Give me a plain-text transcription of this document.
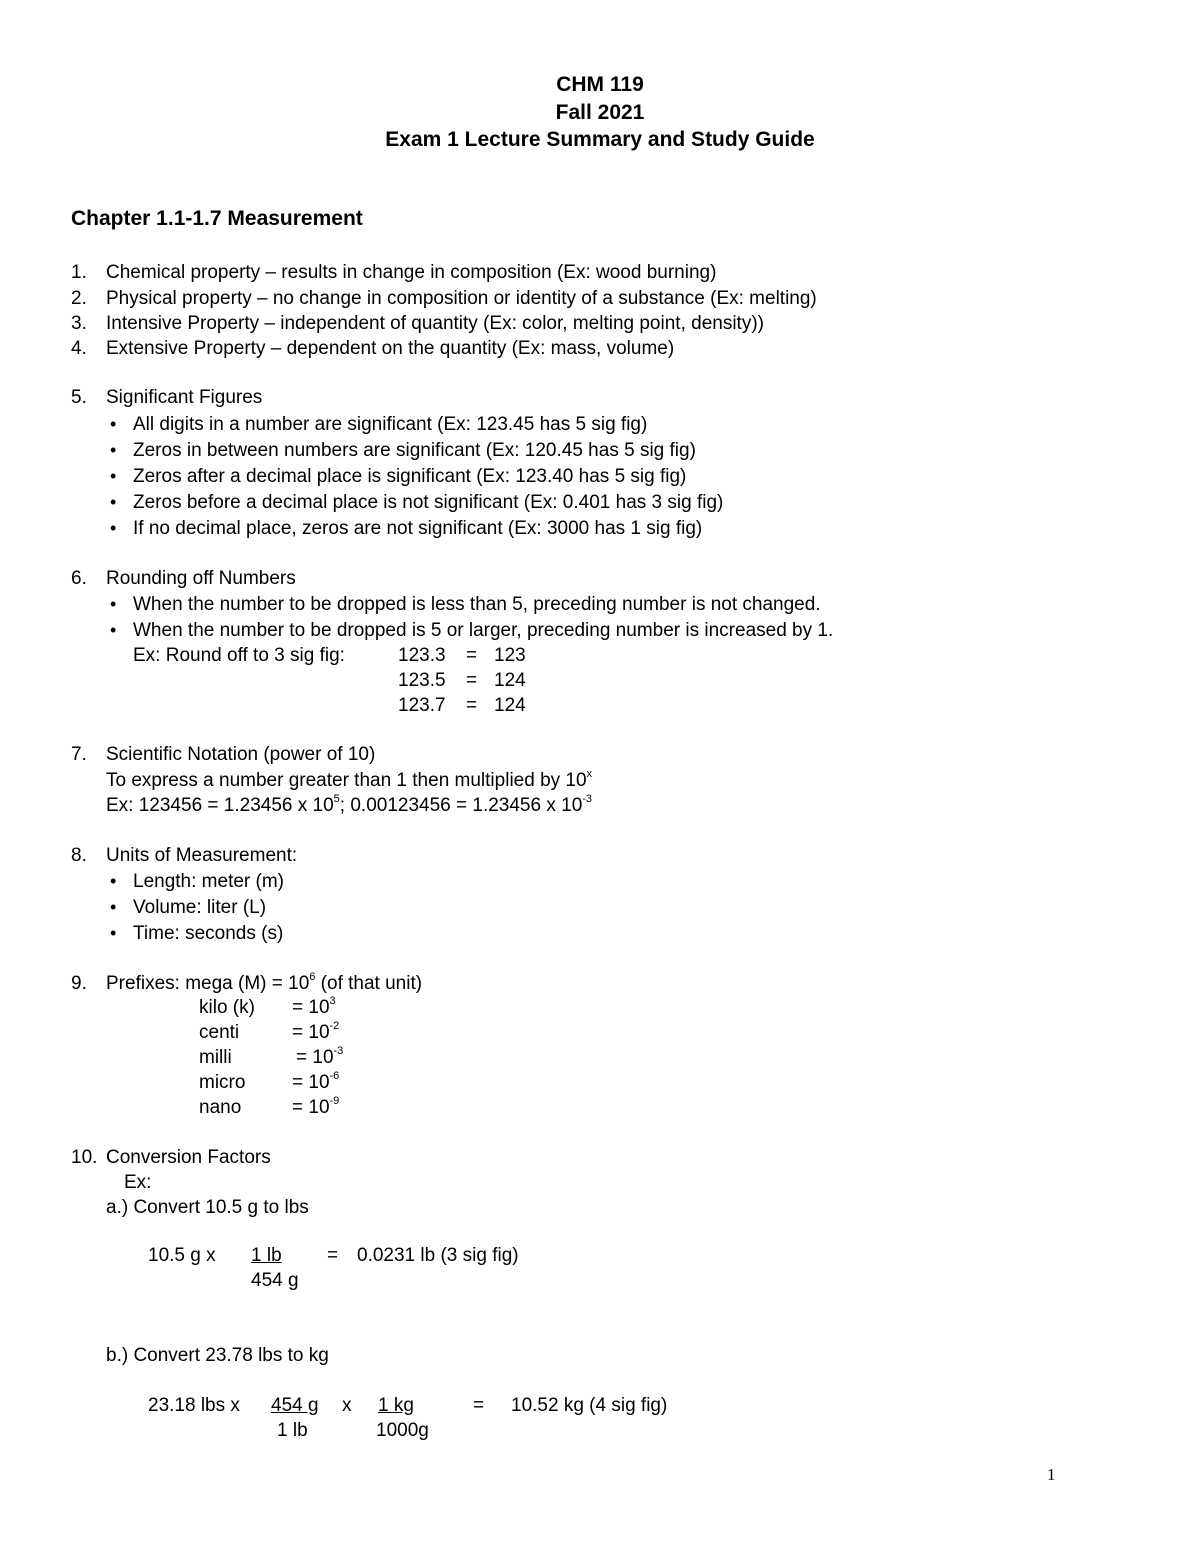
CHM 119
Fall 2021
Exam 1 Lecture Summary and Study Guide
Chapter 1.1-1.7 Measurement
1. Chemical property – results in change in composition (Ex: wood burning)
2. Physical property – no change in composition or identity of a substance (Ex: melting)
3. Intensive Property – independent of quantity (Ex: color, melting point, density))
4. Extensive Property – dependent on the quantity (Ex: mass, volume)
5. Significant Figures
• All digits in a number are significant (Ex: 123.45 has 5 sig fig)
• Zeros in between numbers are significant (Ex: 120.45 has 5 sig fig)
• Zeros after a decimal place is significant (Ex: 123.40 has 5 sig fig)
• Zeros before a decimal place is not significant (Ex: 0.401 has 3 sig fig)
• If no decimal place, zeros are not significant (Ex: 3000 has 1 sig fig)
6. Rounding off Numbers
• When the number to be dropped is less than 5, preceding number is not changed.
• When the number to be dropped is 5 or larger, preceding number is increased by 1.
Ex: Round off to 3 sig fig:	123.3 = 123
123.5 = 124
123.7 = 124
7. Scientific Notation (power of 10)
To express a number greater than 1 then multiplied by 10$^x$
Ex: 123456 = 1.23456 x $10^5$; 0.00123456 = 1.23456 x $10^{-3}$
8. Units of Measurement:
• Length: meter (m)
• Volume: liter (L)
• Time: seconds (s)
9. Prefixes: mega $(M) = 10^6$ (of that unit)
kilo $(k) = 10^3$
centi	= $10^{-2}$
milli	= $10^{-3}$
micro = $10^{-6}$
nano	= $10^{-9}$
10. Conversion Factors
Ex:
a.) Convert 10.5 g to lbs
10.5 g x 1 lb
454 g
= 0.0231 lb (3 sig fig)
b.) Convert 23.78 lbs to kg
23.18 lbs x 454 g
1 lb
x 1 kg
1000g
= 10.52 kg (4 sig fig)
1
